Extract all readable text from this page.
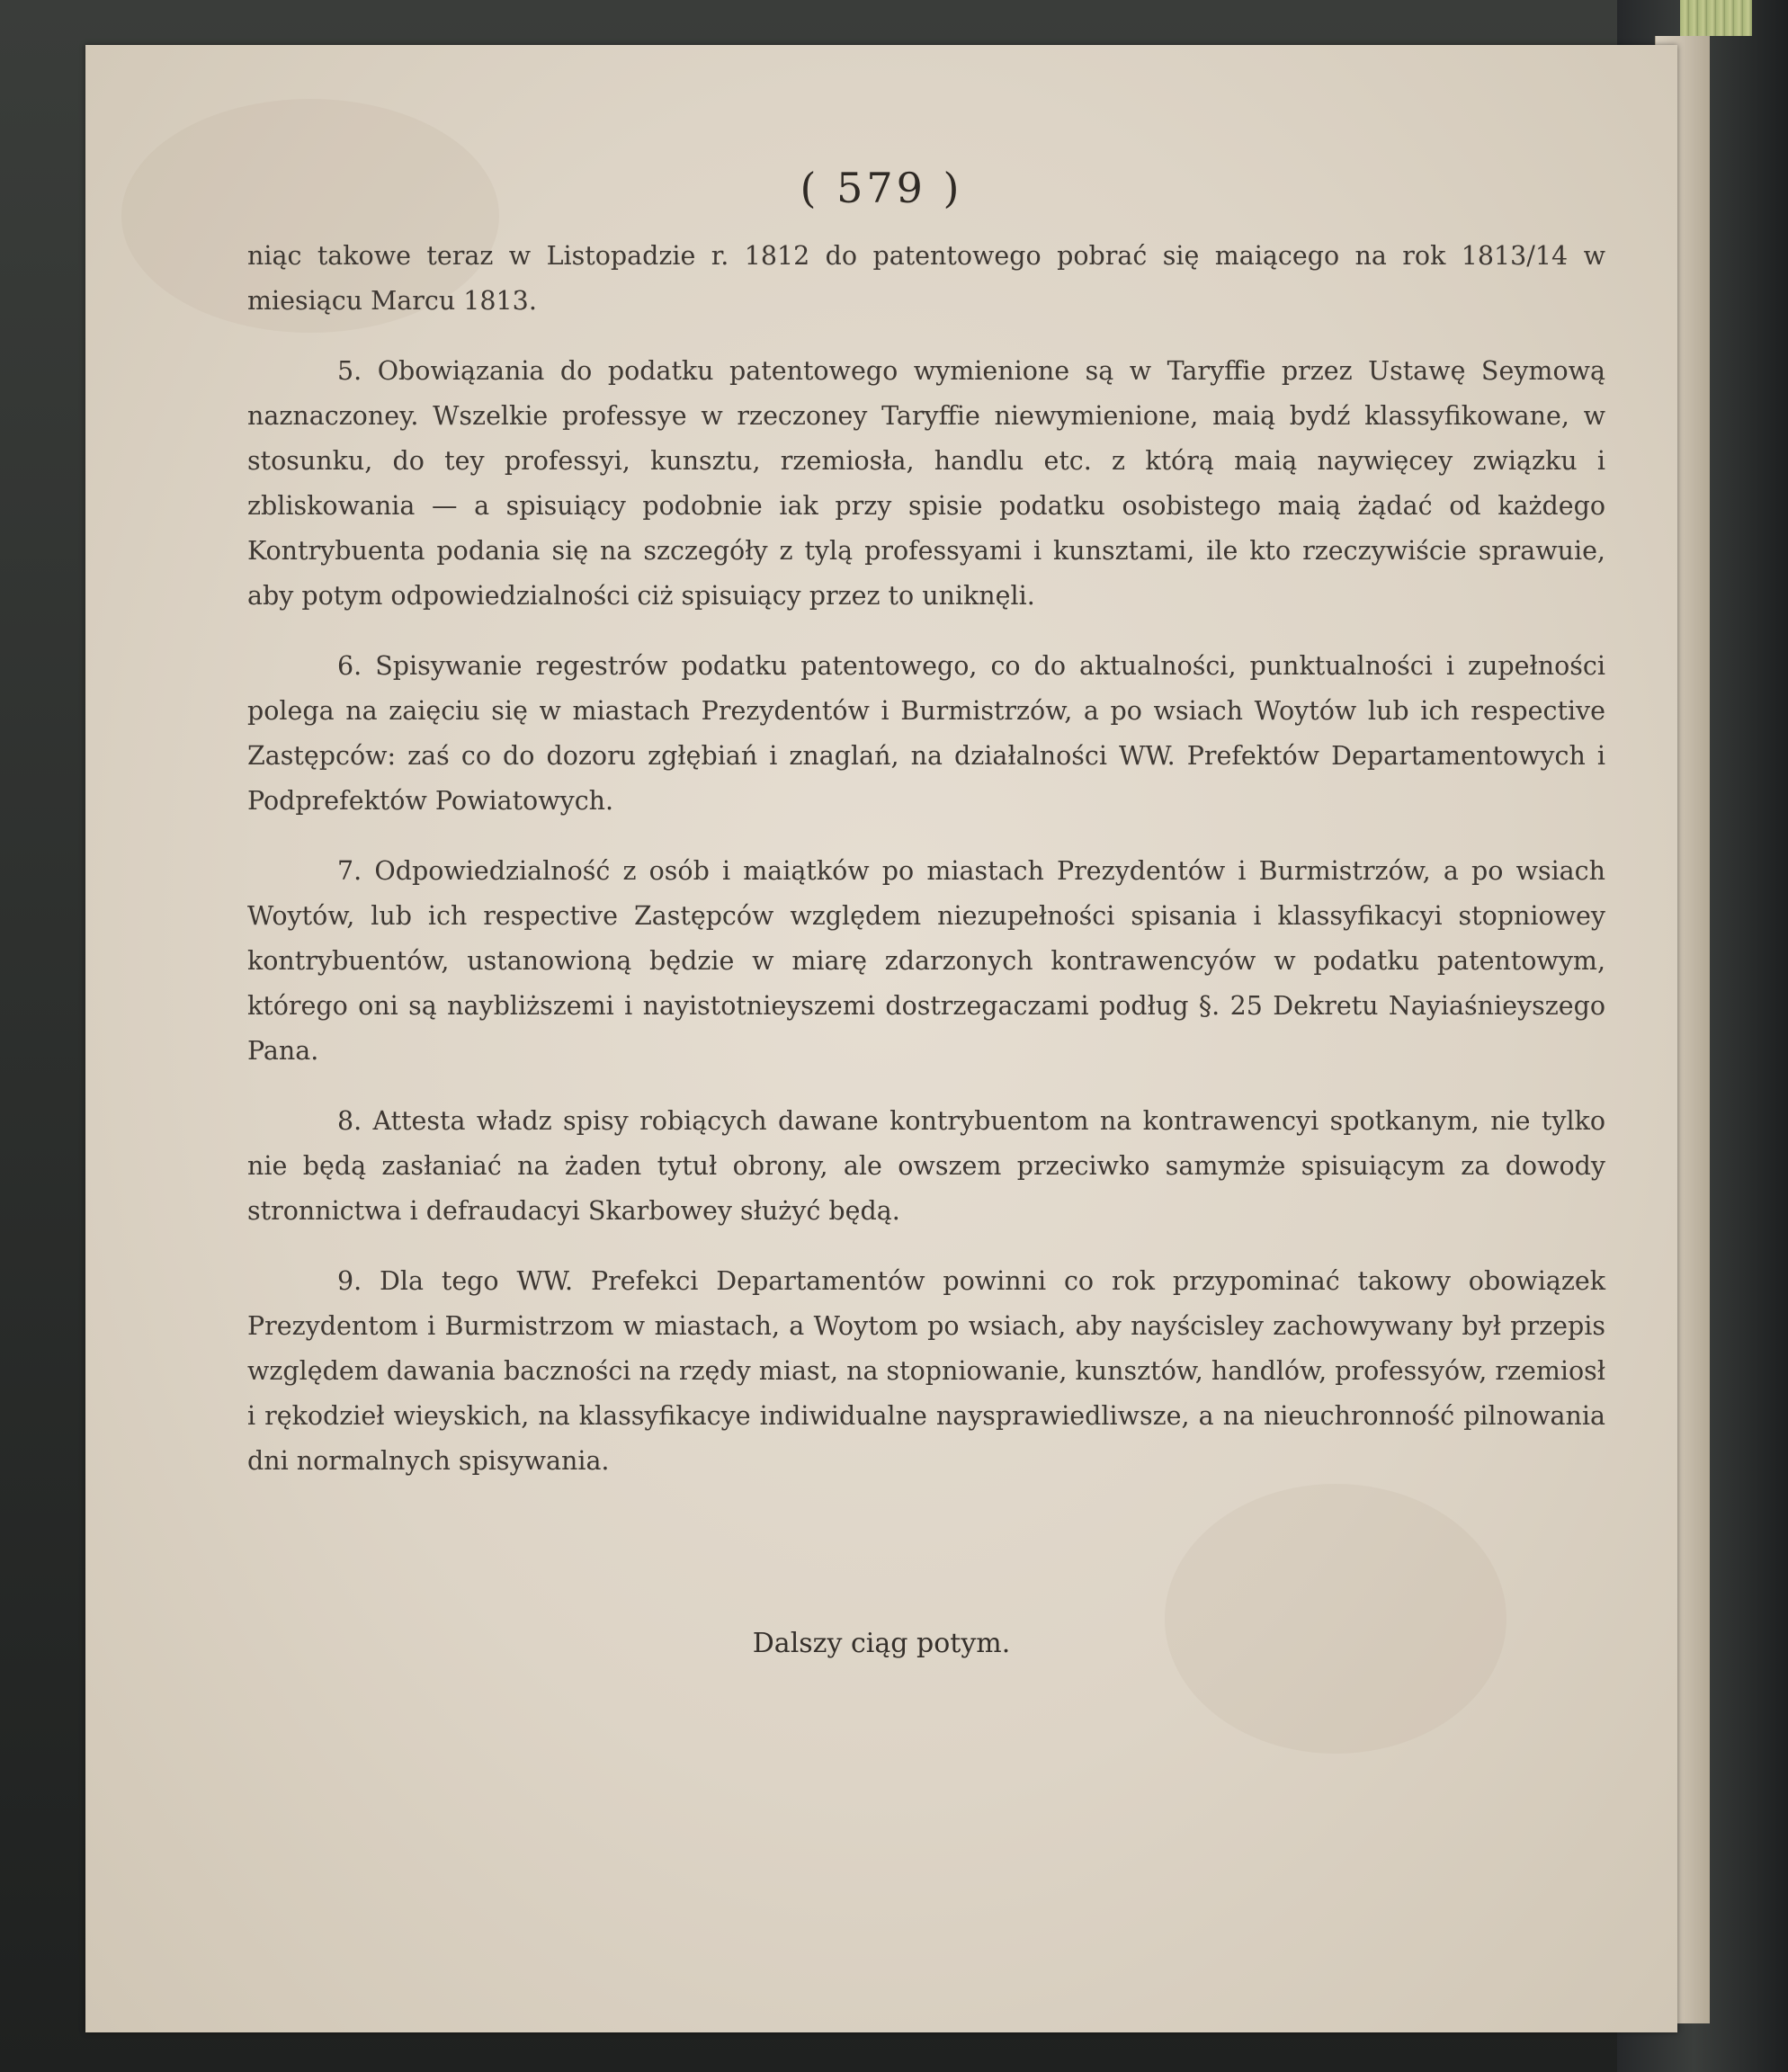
( 579 )

niąc takowe teraz w Listopadzie r. 1812 do patentowego pobrać się maiącego na rok 1813/14 w miesiącu Marcu 1813.

5. Obowiązania do podatku patentowego wymienione są w Taryffie przez Ustawę Seymową naznaczoney. Wszelkie professye w rzeczoney Taryffie niewymienione, maią bydź klassyfikowane, w stosunku, do tey professyi, kunsztu, rzemiosła, handlu etc. z którą maią naywięcey związku i zbliskowania — a spisuiący podobnie iak przy spisie podatku osobistego maią żądać od każdego Kontrybuenta podania się na szczegóły z tylą professyami i kunsztami, ile kto rzeczywiście sprawuie, aby potym odpowiedzialności ciż spisuiący przez to uniknęli.

6. Spisywanie regestrów podatku patentowego, co do aktualności, punktualności i zupełności polega na zaięciu się w miastach Prezydentów i Burmistrzów, a po wsiach Woytów lub ich respective Zastępców: zaś co do dozoru zgłębiań i znaglań, na działalności WW. Prefektów Departamentowych i Podprefektów Powiatowych.

7. Odpowiedzialność z osób i maiątków po miastach Prezydentów i Burmistrzów, a po wsiach Woytów, lub ich respective Zastępców względem niezupełności spisania i klassyfikacyi stopniowey kontrybuentów, ustanowioną będzie w miarę zdarzonych kontrawencyów w podatku patentowym, którego oni są naybliższemi i nayistotnieyszemi dostrzegaczami podług §. 25 Dekretu Nayiaśnieyszego Pana.

8. Attesta władz spisy robiących dawane kontrybuentom na kontrawencyi spotkanym, nie tylko nie będą zasłaniać na żaden tytuł obrony, ale owszem przeciwko samymże spisuiącym za dowody stronnictwa i defraudacyi Skarbowey służyć będą.

9. Dla tego WW. Prefekci Departamentów powinni co rok przypominać takowy obowiązek Prezydentom i Burmistrzom w miastach, a Woytom po wsiach, aby nayścisley zachowywany był przepis względem dawania baczności na rzędy miast, na stopniowanie, kunsztów, handlów, professyów, rzemiosł i rękodzieł wieyskich, na klassyfikacye indiwidualne naysprawiedliwsze, a na nieuchronność pilnowania dni normalnych spisywania.

Dalszy ciąg potym.
